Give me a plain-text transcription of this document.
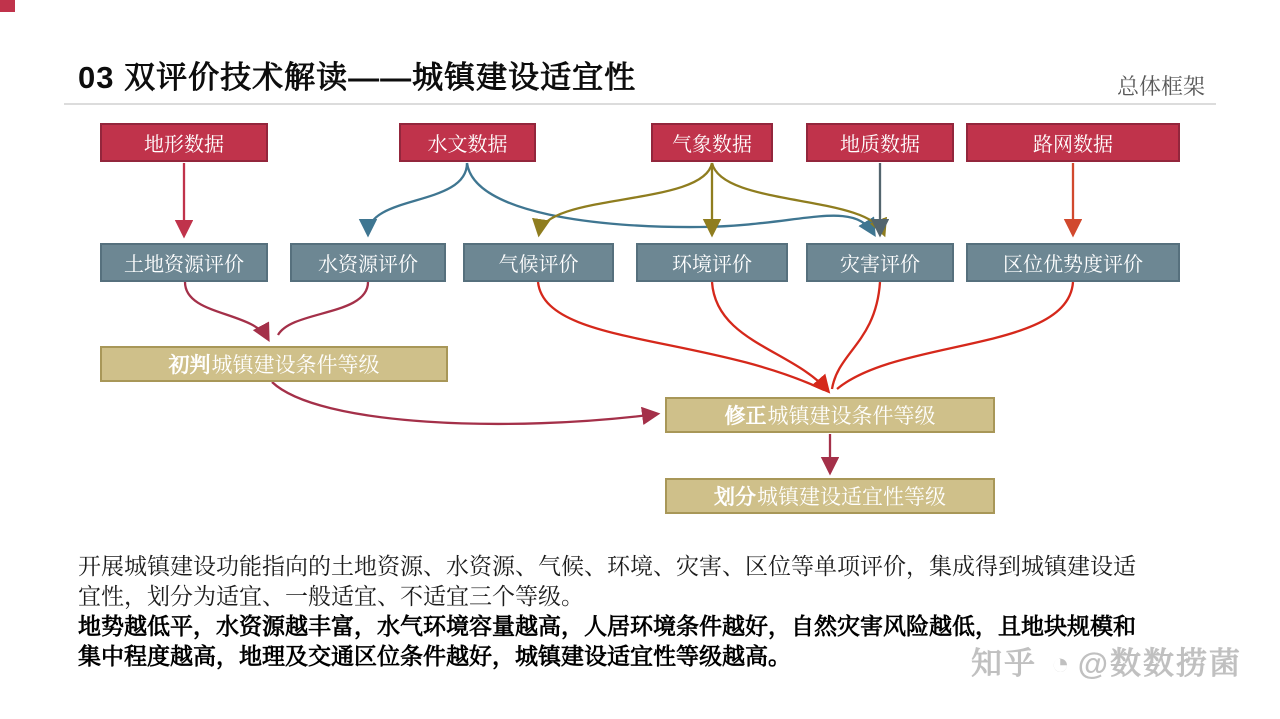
03 双评价技术解读——城镇建设适宜性	总体框架
地形数据	水文数据	气象数据	地质数据	路网数据
土地资源评价	水资源评价	气候评价	环境评价	灾害评价	区位优势度评价
初判 城镇建设条件等级
修正 城镇建设条件等级
划分 城镇建设适宜性等级
开展城镇建设功能指向的土地资源、水资源、气候、环境、灾害、区位等单项评价，集成得到城镇建设适
宜性，划分为适宜、一般适宜、不适宜三个等级。
地势越低平，水资源越丰富，水气环境容量越高，人居环境条件越好，自然灾害风险越低，且地块规模和
集中程度越高，地理及交通区位条件越好，城镇建设适宜性等级越高。	知乎 ◔ @数数捞菌
